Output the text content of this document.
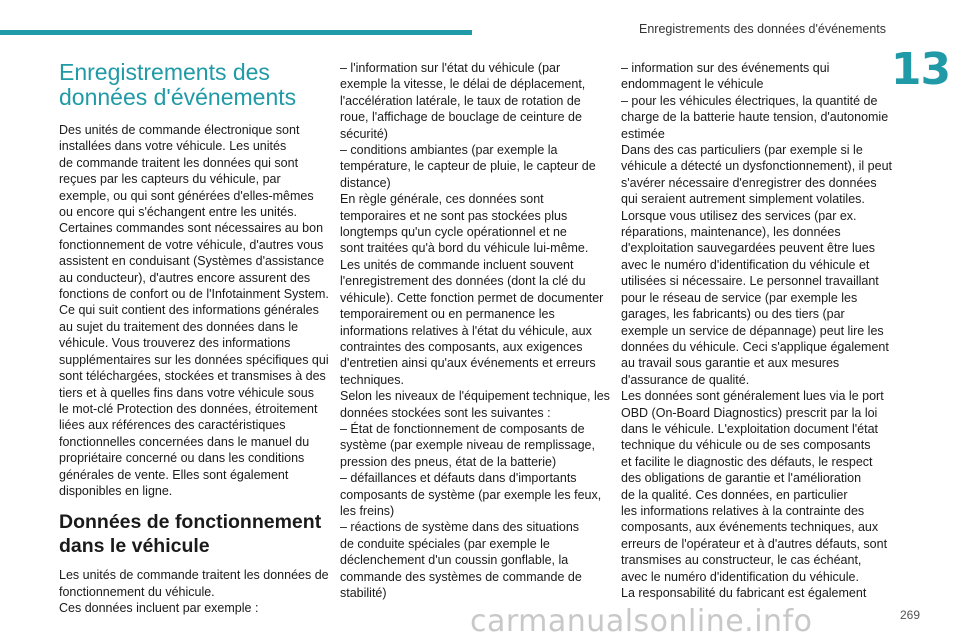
Enregistrements des données d'événements
13
Enregistrements des
données d'événements
Des unités de commande électronique sont
installées dans votre véhicule. Les unités
de commande traitent les données qui sont
reçues par les capteurs du véhicule, par
exemple, ou qui sont générées d'elles-mêmes
ou encore qui s'échangent entre les unités.
Certaines commandes sont nécessaires au bon
fonctionnement de votre véhicule, d'autres vous
assistent en conduisant (Systèmes d'assistance
au conducteur), d'autres encore assurent des
fonctions de confort ou de l'Infotainment System.
Ce qui suit contient des informations générales
au sujet du traitement des données dans le
véhicule. Vous trouverez des informations
supplémentaires sur les données spécifiques qui
sont téléchargées, stockées et transmises à des
tiers et à quelles fins dans votre véhicule sous
le mot-clé Protection des données, étroitement
liées aux références des caractéristiques
fonctionnelles concernées dans le manuel du
propriétaire concerné ou dans les conditions
générales de vente. Elles sont également
disponibles en ligne.
Données de fonctionnement
dans le véhicule
Les unités de commande traitent les données de
fonctionnement du véhicule.
Ces données incluent par exemple :
– l'information sur l'état du véhicule (par
exemple la vitesse, le délai de déplacement,
l'accélération latérale, le taux de rotation de
roue, l'affichage de bouclage de ceinture de
sécurité)
– conditions ambiantes (par exemple la
température, le capteur de pluie, le capteur de
distance)
En règle générale, ces données sont
temporaires et ne sont pas stockées plus
longtemps qu'un cycle opérationnel et ne
sont traitées qu'à bord du véhicule lui-même.
Les unités de commande incluent souvent
l'enregistrement des données (dont la clé du
véhicule). Cette fonction permet de documenter
temporairement ou en permanence les
informations relatives à l'état du véhicule, aux
contraintes des composants, aux exigences
d'entretien ainsi qu'aux événements et erreurs
techniques.
Selon les niveaux de l'équipement technique, les
données stockées sont les suivantes :
– État de fonctionnement de composants de
système (par exemple niveau de remplissage,
pression des pneus, état de la batterie)
– défaillances et défauts dans d'importants
composants de système (par exemple les feux,
les freins)
– réactions de système dans des situations
de conduite spéciales (par exemple le
déclenchement d'un coussin gonflable, la
commande des systèmes de commande de
stabilité)
– information sur des événements qui
endommagent le véhicule
– pour les véhicules électriques, la quantité de
charge de la batterie haute tension, d'autonomie
estimée
Dans des cas particuliers (par exemple si le
véhicule a détecté un dysfonctionnement), il peut
s'avérer nécessaire d'enregistrer des données
qui seraient autrement simplement volatiles.
Lorsque vous utilisez des services (par ex.
réparations, maintenance), les données
d'exploitation sauvegardées peuvent être lues
avec le numéro d'identification du véhicule et
utilisées si nécessaire. Le personnel travaillant
pour le réseau de service (par exemple les
garages, les fabricants) ou des tiers (par
exemple un service de dépannage) peut lire les
données du véhicule. Ceci s'applique également
au travail sous garantie et aux mesures
d'assurance de qualité.
Les données sont généralement lues via le port
OBD (On-Board Diagnostics) prescrit par la loi
dans le véhicule. L'exploitation document l'état
technique du véhicule ou de ses composants
et facilite le diagnostic des défauts, le respect
des obligations de garantie et l'amélioration
de la qualité. Ces données, en particulier
les informations relatives à la contrainte des
composants, aux événements techniques, aux
erreurs de l'opérateur et à d'autres défauts, sont
transmises au constructeur, le cas échéant,
avec le numéro d'identification du véhicule.
La responsabilité du fabricant est également
carmanualsonline.info	269
